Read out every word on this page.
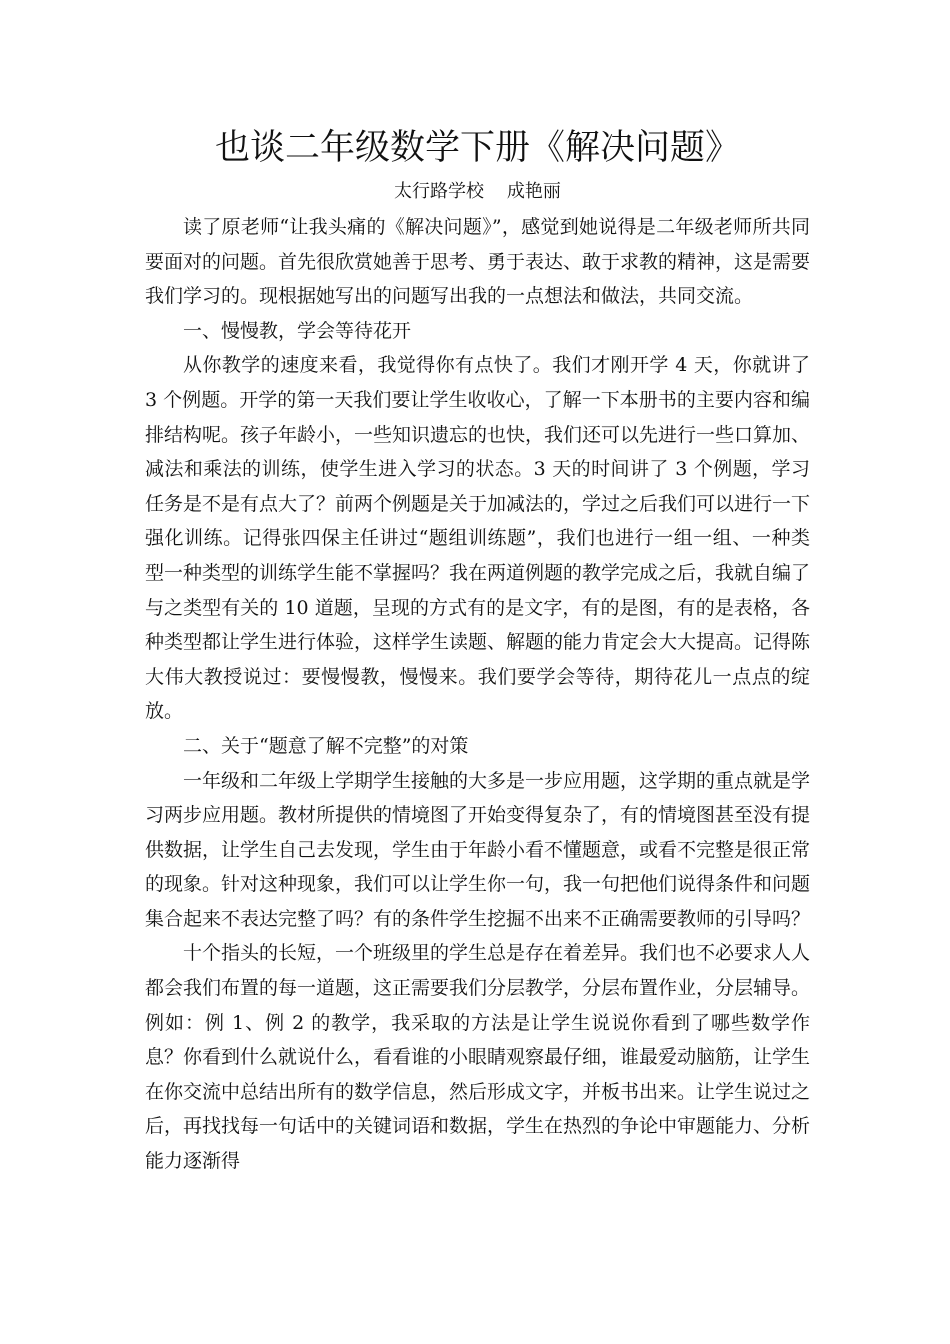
也谈二年级数学下册《解决问题》
太行路学校    成艳丽

读了原老师“让我头痛的《解决问题》”，感觉到她说得是二年级老师所共同要面对的问题。首先很欣赏她善于思考、勇于表达、敢于求教的精神，这是需要我们学习的。现根据她写出的问题写出我的一点想法和做法，共同交流。

一、慢慢教，学会等待花开

从你教学的速度来看，我觉得你有点快了。我们才刚开学 4 天，你就讲了 3 个例题。开学的第一天我们要让学生收收心，了解一下本册书的主要内容和编排结构呢。孩子年龄小，一些知识遗忘的也快，我们还可以先进行一些口算加、减法和乘法的训练，使学生进入学习的状态。3 天的时间讲了 3 个例题，学习任务是不是有点大了？前两个例题是关于加减法的，学过之后我们可以进行一下强化训练。记得张四保主任讲过“题组训练题”，我们也进行一组一组、一种类型一种类型的训练学生能不掌握吗？我在两道例题的教学完成之后，我就自编了与之类型有关的 10 道题，呈现的方式有的是文字，有的是图，有的是表格，各种类型都让学生进行体验，这样学生读题、解题的能力肯定会大大提高。记得陈大伟大教授说过：要慢慢教，慢慢来。我们要学会等待，期待花儿一点点的绽放。

二、关于“题意了解不完整”的对策

一年级和二年级上学期学生接触的大多是一步应用题，这学期的重点就是学习两步应用题。教材所提供的情境图了开始变得复杂了，有的情境图甚至没有提供数据，让学生自己去发现，学生由于年龄小看不懂题意，或看不完整是很正常的现象。针对这种现象，我们可以让学生你一句，我一句把他们说得条件和问题集合起来不表达完整了吗？有的条件学生挖掘不出来不正确需要教师的引导吗？

十个指头的长短，一个班级里的学生总是存在着差异。我们也不必要求人人都会我们布置的每一道题，这正需要我们分层教学，分层布置作业，分层辅导。例如：例 1、例 2 的教学，我采取的方法是让学生说说你看到了哪些数学作息？你看到什么就说什么，看看谁的小眼睛观察最仔细，谁最爱动脑筋，让学生在你交流中总结出所有的数学信息，然后形成文字，并板书出来。让学生说过之后，再找找每一句话中的关键词语和数据，学生在热烈的争论中审题能力、分析能力逐渐得
